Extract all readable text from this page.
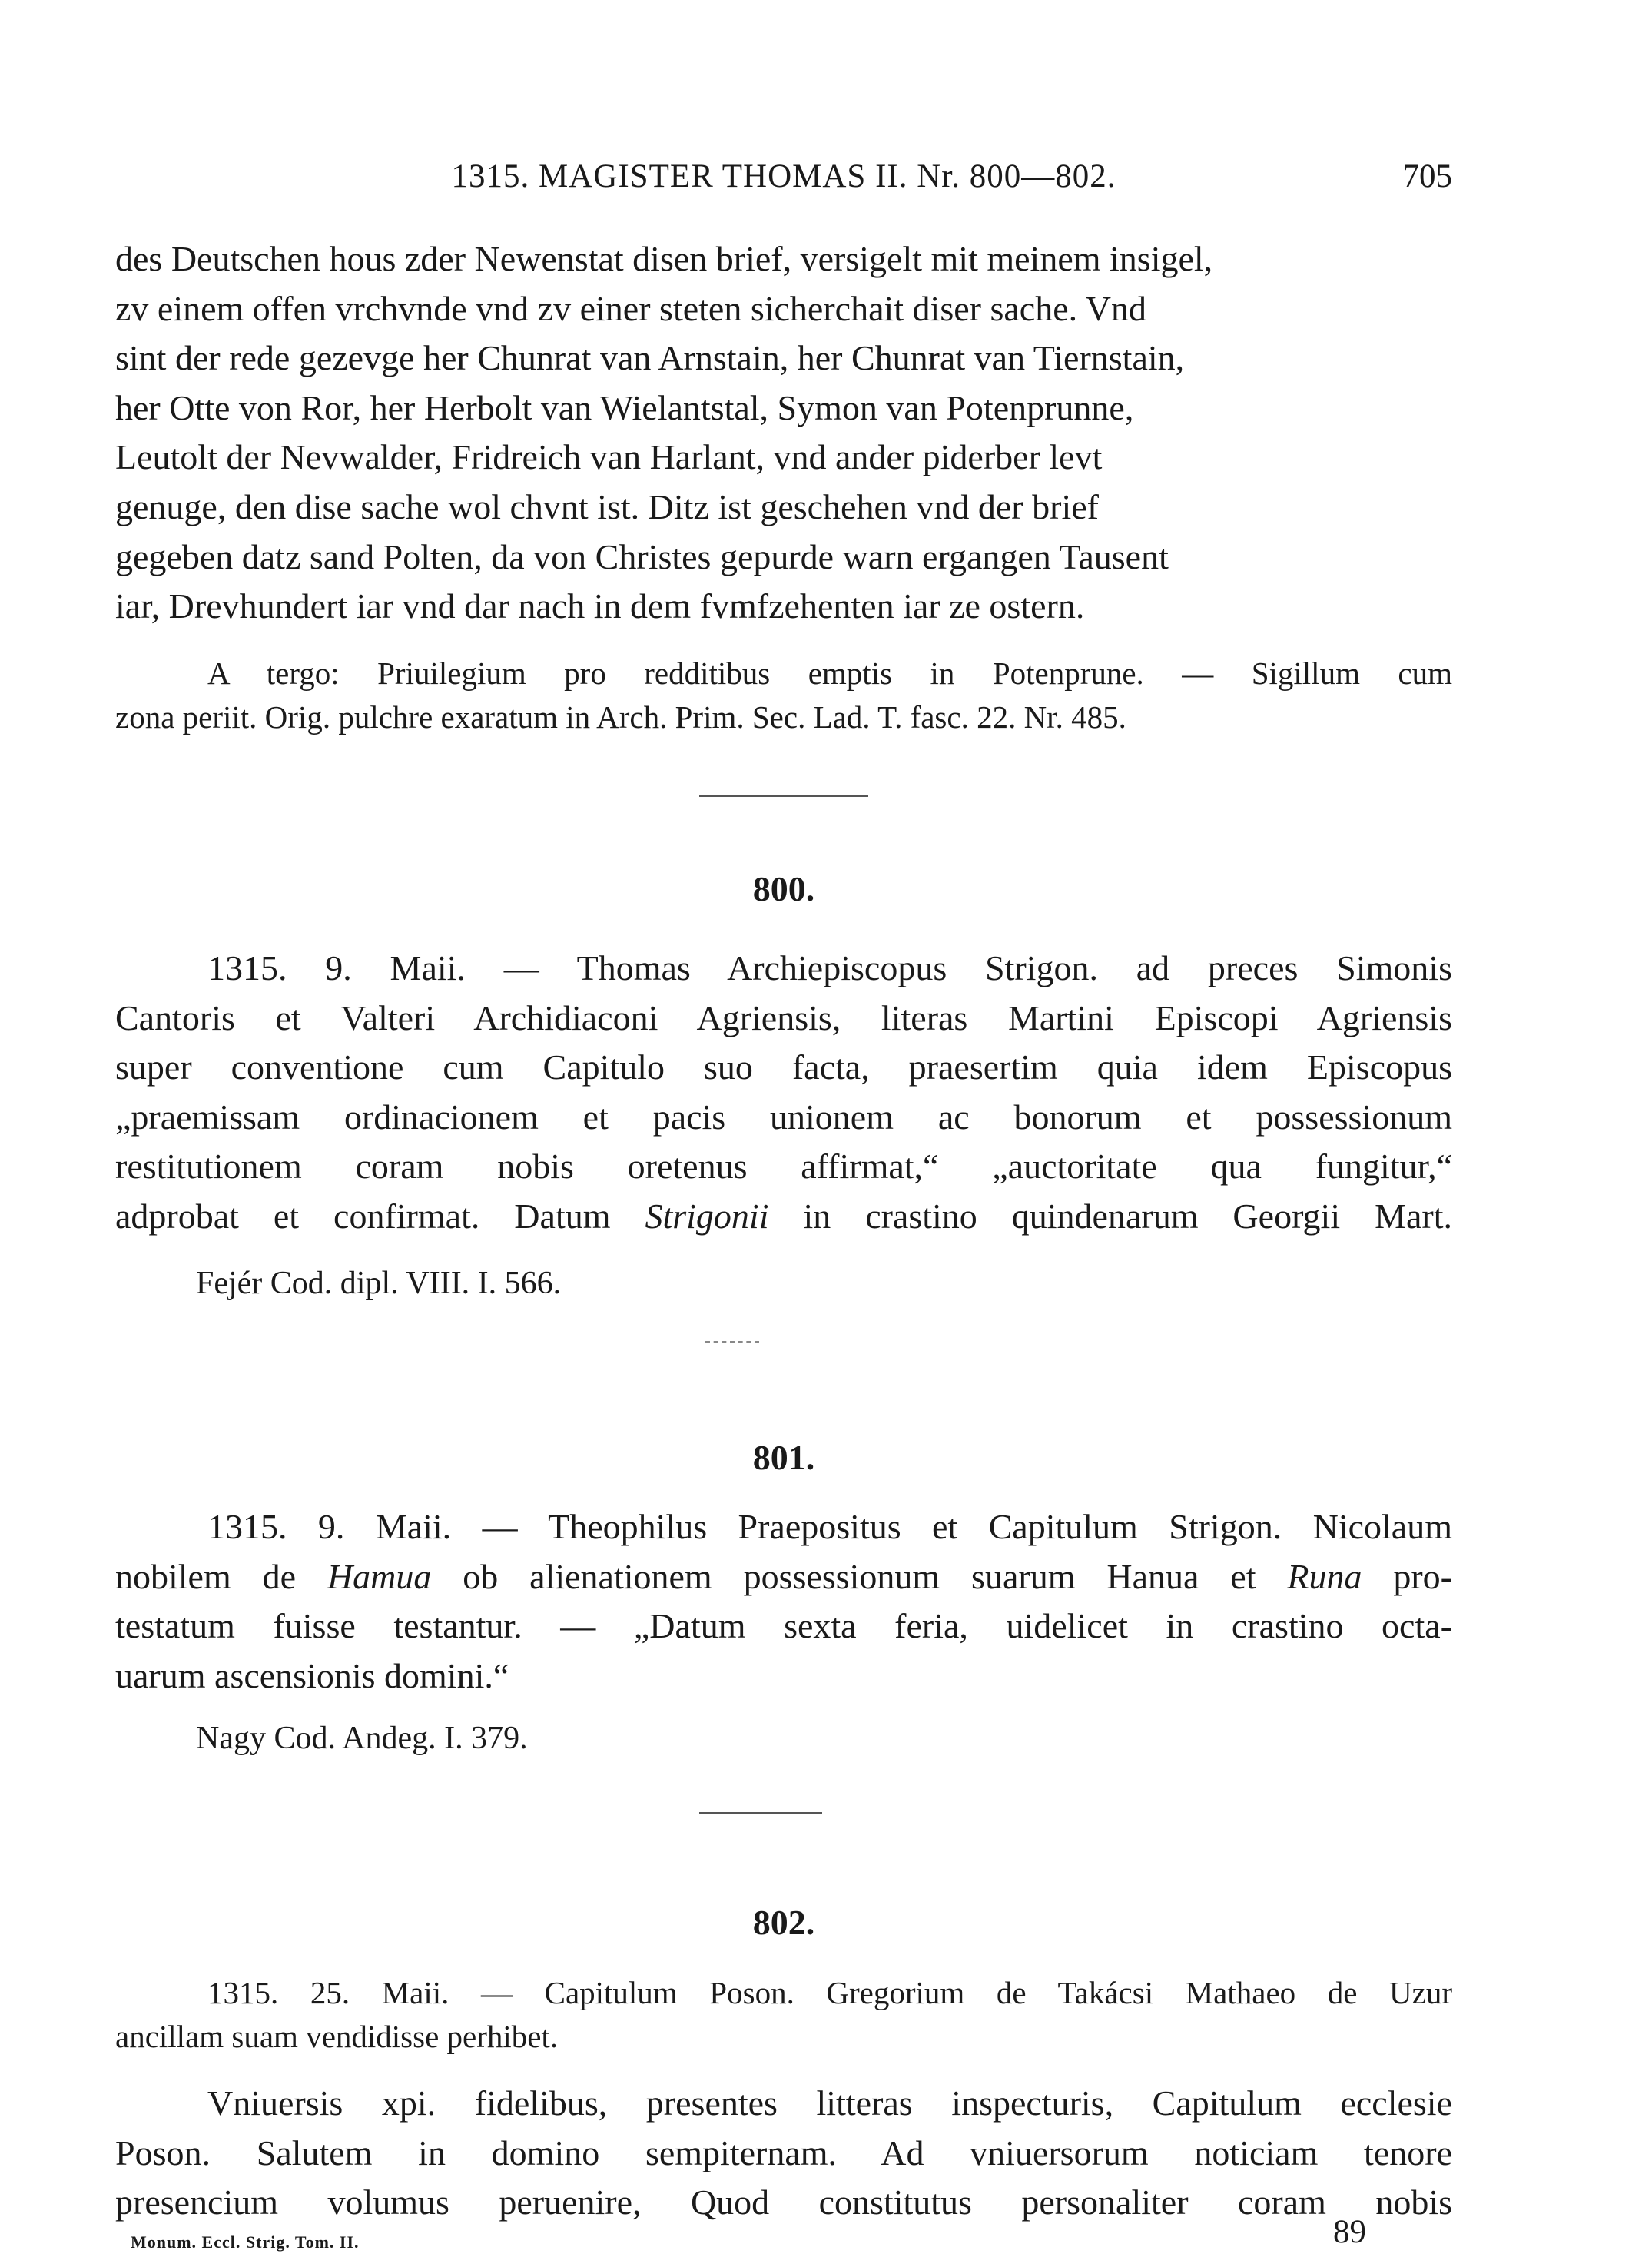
1315. MAGISTER THOMAS II. Nr. 800—802.	705
des Deutschen hous zder Newenstat disen brief, versigelt mit meinem insigel,
zv einem offen vrchvnde vnd zv einer steten sicherchait diser sache. Vnd
sint der rede gezevge her Chunrat van Arnstain, her Chunrat van Tiernstain,
her Otte von Ror, her Herbolt van Wielantstal, Symon van Potenprunne,
Leutolt der Nevwalder, Fridreich van Harlant, vnd ander piderber levt
genuge, den dise sache wol chvnt ist. Ditz ist geschehen vnd der brief
gegeben datz sand Polten, da von Christes gepurde warn ergangen Tausent
iar, Drevhundert iar vnd dar nach in dem fvmfzehenten iar ze ostern.
A tergo: Priuilegium pro redditibus emptis in Potenprune. — Sigillum cum
zona periit. Orig. pulchre exaratum in Arch. Prim. Sec. Lad. T. fasc. 22. Nr. 485.
800.
1315. 9. Maii. — Thomas Archiepiscopus Strigon. ad preces Simonis
Cantoris et Valteri Archidiaconi Agriensis, literas Martini Episcopi Agriensis
super conventione cum Capitulo suo facta, praesertim quia idem Episcopus
„praemissam ordinacionem et pacis unionem ac bonorum et possessionum
restitutionem coram nobis oretenus affirmat,“ „auctoritate qua fungitur,“
adprobat et confirmat. Datum Strigonii in crastino quindenarum Georgii Mart.
Fejér Cod. dipl. VIII. I. 566.
801.
1315. 9. Maii. — Theophilus Praepositus et Capitulum Strigon. Nicolaum
nobilem de Hamua ob alienationem possessionum suarum Hanua et Runa pro-
testatum fuisse testantur. — „Datum sexta feria, uidelicet in crastino octa-
uarum ascensionis domini.“
Nagy Cod. Andeg. I. 379.
802.
1315. 25. Maii. — Capitulum Poson. Gregorium de Takácsi Mathaeo de Uzur
ancillam suam vendidisse perhibet.
Vniuersis xpi. fidelibus, presentes litteras inspecturis, Capitulum ecclesie
Poson. Salutem in domino sempiternam. Ad vniuersorum noticiam tenore
presencium volumus peruenire, Quod constitutus personaliter coram nobis
Monum. Eccl. Strig. Tom. II.	89
